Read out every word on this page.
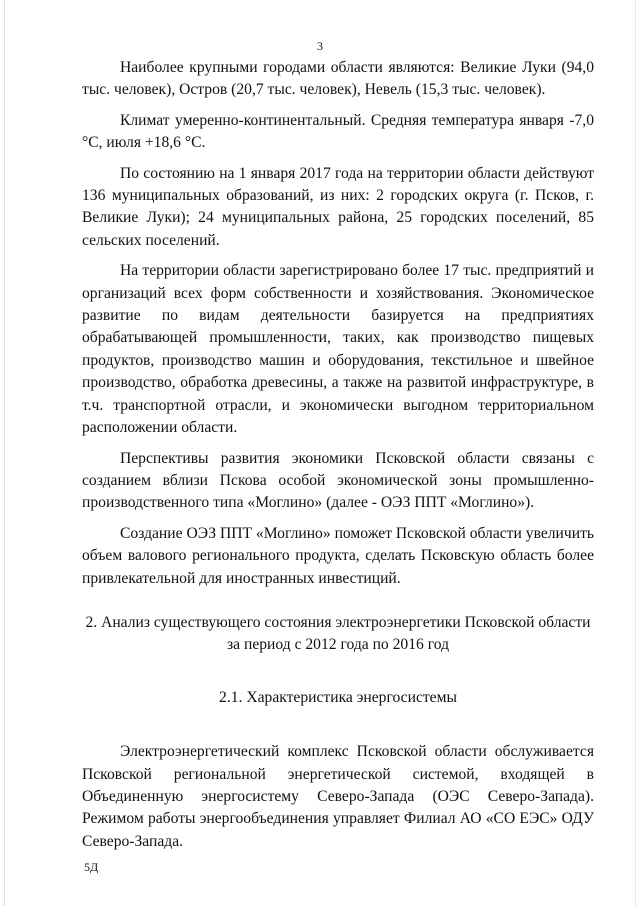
3

Наиболее крупными городами области являются: Великие Луки (94,0 тыс. человек), Остров (20,7 тыс. человек), Невель (15,3 тыс. человек).

Климат умеренно-континентальный. Средняя температура января -7,0 °С, июля +18,6 °С.

По состоянию на 1 января 2017 года на территории области действуют 136 муниципальных образований, из них: 2 городских округа (г. Псков, г. Великие Луки); 24 муниципальных района, 25 городских поселений, 85 сельских поселений.

На территории области зарегистрировано более 17 тыс. предприятий и организаций всех форм собственности и хозяйствования. Экономическое развитие по видам деятельности базируется на предприятиях обрабатывающей промышленности, таких, как производство пищевых продуктов, производство машин и оборудования, текстильное и швейное производство, обработка древесины, а также на развитой инфраструктуре, в т.ч. транспортной отрасли, и экономически выгодном территориальном расположении области.

Перспективы развития экономики Псковской области связаны с созданием вблизи Пскова особой экономической зоны промышленно-производственного типа «Моглино» (далее - ОЭЗ ППТ «Моглино»).

Создание ОЭЗ ППТ «Моглино» поможет Псковской области увеличить объем валового регионального продукта, сделать Псковскую область более привлекательной для иностранных инвестиций.

2. Анализ существующего состояния электроэнергетики Псковской области за период с 2012 года по 2016 год

2.1. Характеристика энергосистемы

Электроэнергетический комплекс Псковской области обслуживается Псковской региональной энергетической системой, входящей в Объединенную энергосистему Северо-Запада (ОЭС Северо-Запада). Режимом работы энергообъединения управляет Филиал АО «СО ЕЭС» ОДУ Северо-Запада.

5Д
